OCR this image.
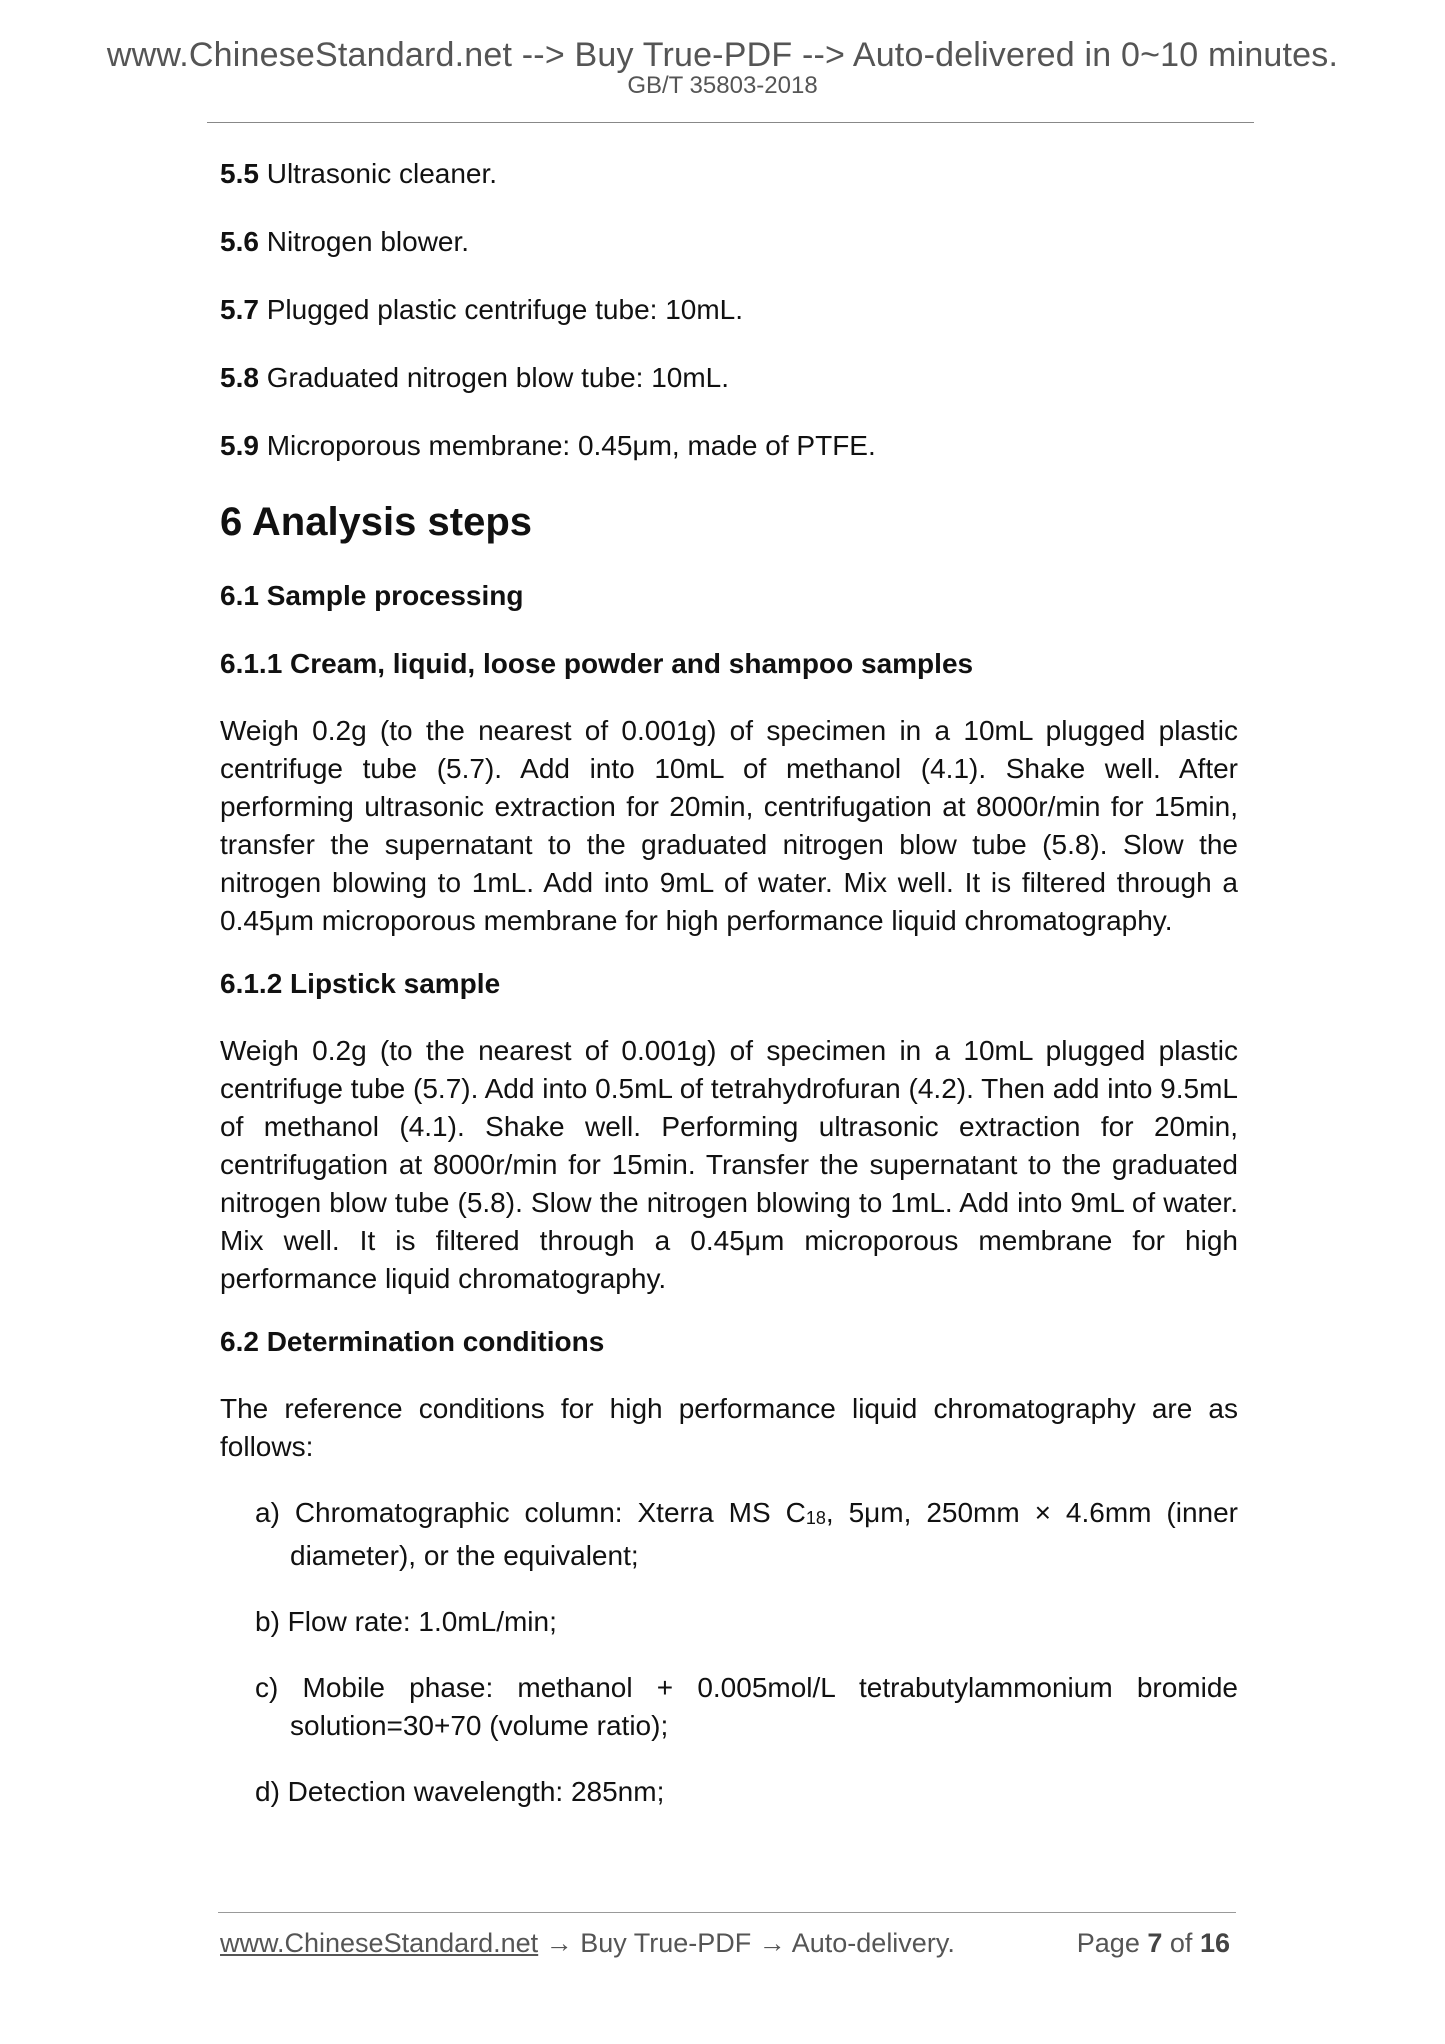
www.ChineseStandard.net --> Buy True-PDF --> Auto-delivered in 0~10 minutes.
GB/T 35803-2018

5.5 Ultrasonic cleaner.

5.6 Nitrogen blower.

5.7 Plugged plastic centrifuge tube: 10mL.

5.8 Graduated nitrogen blow tube: 10mL.

5.9 Microporous membrane: 0.45μm, made of PTFE.

6 Analysis steps
6.1 Sample processing
6.1.1 Cream, liquid, loose powder and shampoo samples

Weigh 0.2g (to the nearest of 0.001g) of specimen in a 10mL plugged plastic centrifuge tube (5.7). Add into 10mL of methanol (4.1). Shake well. After performing ultrasonic extraction for 20min, centrifugation at 8000r/min for 15min, transfer the supernatant to the graduated nitrogen blow tube (5.8). Slow the nitrogen blowing to 1mL. Add into 9mL of water. Mix well. It is filtered through a 0.45μm microporous membrane for high performance liquid chromatography.

6.1.2 Lipstick sample

Weigh 0.2g (to the nearest of 0.001g) of specimen in a 10mL plugged plastic centrifuge tube (5.7). Add into 0.5mL of tetrahydrofuran (4.2). Then add into 9.5mL of methanol (4.1). Shake well. Performing ultrasonic extraction for 20min, centrifugation at 8000r/min for 15min. Transfer the supernatant to the graduated nitrogen blow tube (5.8). Slow the nitrogen blowing to 1mL. Add into 9mL of water. Mix well. It is filtered through a 0.45μm microporous membrane for high performance liquid chromatography.

6.2 Determination conditions

The reference conditions for high performance liquid chromatography are as follows:

a) Chromatographic column: Xterra MS C18, 5μm, 250mm × 4.6mm (inner diameter), or the equivalent;

b) Flow rate: 1.0mL/min;

c) Mobile phase: methanol + 0.005mol/L tetrabutylammonium bromide solution=30+70 (volume ratio);

d) Detection wavelength: 285nm;

www.ChineseStandard.net → Buy True-PDF → Auto-delivery.	Page 7 of 16
